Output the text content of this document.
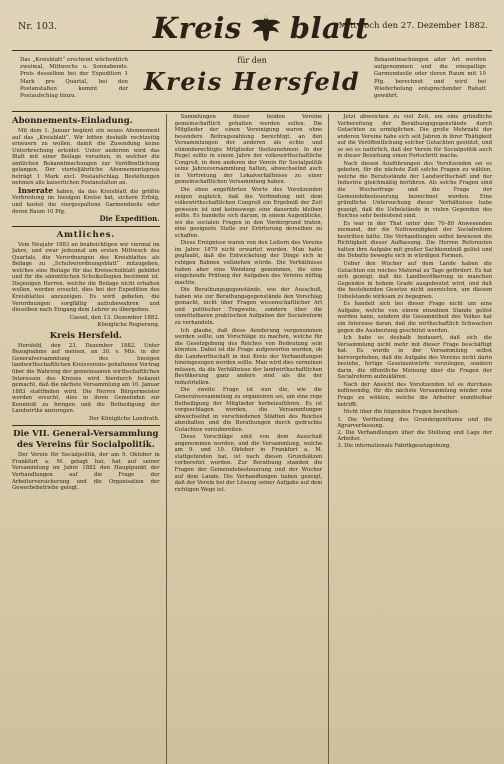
Nr. 103.	Kreis blatt
Mittwoch den 27. Dezember 1882.
Das „Kreisblatt“ erscheint wöchentlich zweimal, Mittwochs u. Sonnabends. Preis desselben bei der Expedition 1 Mark pro Quartal, bei den Postanstalten kommt der Postaufschlag hinzu.
für den
Kreis Hersfeld
Bekanntmachungen aller Art werden aufgenommen und die einspaltige Garmondzeile oder deren Raum mit 10 Pfg. berechnet und wird bei Wiederholung entsprechender Rabatt gewährt.
Abonnements-Einladung.

Mit dem 1. Januar beginnt ein neues Abonnement auf das „Kreisblatt“. Wir bitten deshalb rechtzeitig erneuern zu wollen, damit die Zusendung keine Unterbrechung erleidet. Unter anderem wird das Blatt mit einer Beilage versehen, in welcher die amtlichen Bekanntmachungen zur Veröffentlichung gelangen. Der vierteljährliche Abonnementspreis beträgt 1 Mark excl. Postaufschlag. Bestellungen nehmen alle kaiserlichen Postanstalten an.

Inserate haben, da das Kreisblatt die größte Verbreitung im hiesigen Kreise hat, sichern Erfolg, und kostet die viergespaltene Garmondzeile oder deren Raum 10 Pfg.

Die Expedition.
Amtliches.

Vom Neujahr 1883 an beabsichtigen wir viermal im Jahre, und zwar jedesmal am ersten Mittwoch des Quartals, die Verordnungen des Kreisblattes als Beilage zu „Schulverordnungsblatt“ mitzugeben, welches eine Beilage für das Kreisschulblatt gebildet und für die sämmtlichen Schulkollegien bestimmt ist. Diejenigen Herren, welche die Beilage nicht erhalten wollen, werden ersucht, dies bei der Expedition des Kreisblattes anzuzeigen. Es wird gebeten, die Verordnungen sorgfältig aufzubewahren und dieselben nach Eingang dem Lehrer zu übergeben.

Cassel, den 13. Dezember 1882.
Königliche Regierung.
Kreis Hersfeld.

Hersfeld, den 23. Dezember 1882. Unter Bezugnahme auf meinen, an 30. v. Mts. in der Generalversammlung des hiesigen landwirthschaftlichen Kreisvereins gehaltenen Vortrag über die Wahrung der gemeinsamen wirthschaftlichen Interessen des Kreises wird hierdurch bekannt gemacht, daß die nächste Versammlung am 10. Januar 1883 stattfinden wird. Die Herren Bürgermeister werden ersucht, dies in ihren Gemeinden zur Kenntniß zu bringen und die Betheiligung der Landwirthe anzuregen.

Der Königliche Landrath.
Die VII. General-Versammlung des Vereins für Socialpolitik.

Der Verein für Socialpolitik, der am 9. Oktober in Frankfurt a. M. getagt hat, hat auf seiner Versammlung im Jahre 1882 den Hauptpunkt der Verhandlungen auf die Frage der Arbeiterversicherung und die Organisation der Gewerbebetriebe gelegt.

Sammlungen dieser beiden Vereine gemeinschaftlich gehalten werden sollen. Die Mitglieder der einen Vereinigung waren ohne besondere Beitragszahlung berechtigt, an den Versammlungen der anderen als echte und stimmberechtigte Mitglieder theilzunehmen. In der Regel sollte in einem Jahre der volkswirthschaftliche Congreß, in dem anderen der Verein für Socialpolitik seine Jahresversammlung halten, abwechselnd auch in Vertretung der Lokalverhältnisse zu einer gemeinschaftlichen Versammlung haben.

Die eben angeführten Worte des Vorsitzenden zeigen zugleich, daß die Verbindung mit dem volkswirthschaftlichen Congreß ein Ergebniß der Zeit gewesen ist und keineswegs eine dauernde bleiben sollte. Es handelte sich darum, in einem Augenblicke, wo die socialen Fragen in den Vordergrund traten, eine geeignete Stelle zur Erörterung derselben zu schaffen.

Diese Ereignisse waren von den Leitern des Vereins im Jahre 1879 nicht erwartet worden. Man hatte geglaubt, daß die Entwickelung der Dinge sich in ruhigen Bahnen vollziehen würde. Die Verhältnisse haben aber eine Wendung genommen, die eine eingehende Prüfung der Aufgaben des Vereins nöthig machte.

Die Berathungsgegenstände, wie der Ausschuß, haben wie zur Berathungsgegenstände den Vorschlag gemacht, nicht über Fragen wissenschaftlicher Art und politischer Tragweite, sondern über die unmittelbaren praktischen Aufgaben der Socialreform zu verhandeln.

Ich glaube, daß diese Aenderung vorgenommen werden sollte, um Vorschläge zu machen, welche für die Gesetzgebung des Reiches von Bedeutung sein könnten. Dabei ist die Frage aufgeworfen worden, ob die Landwirthschaft in den Kreis der Verhandlungen hineingezogen werden sollte. Man wird dies verneinen müssen, da die Verhältnisse der landwirthschaftlichen Bevölkerung ganz andere sind als die der industriellen.

Die zweite Frage ist nun die, wie die Generalversammlung zu organisiren sei, um eine rege Betheiligung der Mitglieder herbeizuführen. Es ist vorgeschlagen worden, die Versammlungen abwechselnd in verschiedenen Städten des Reiches abzuhalten und die Berathungen durch gedruckte Gutachten vorzubereiten.

Diese Vorschläge sind von dem Ausschuß angenommen worden, und die Versammlung, welche am 9. und 10. Oktober in Frankfurt a. M. stattgefunden hat, ist nach diesen Grundsätzen vorbereitet worden. Zur Berathung standen die Fragen der Gemeindebesteuerung und der Wucher auf dem Lande. Die Verhandlungen haben gezeigt, daß der Verein bei der Lösung seiner Aufgabe auf dem richtigen Wege ist.

Jetzt abweichen zu viel Zeit, um eine gründliche Vorbereitung der Berathungsgegenstände durch Gutachten zu ermöglichen. Die große Mehrzahl der anderen Vereine habe sich seit Jahren in ihrer Thätigkeit auf die Veröffentlichung solcher Gutachten gestützt, und so sei es natürlich, daß der Verein für Socialpolitik auch in dieser Beziehung einen Fortschritt mache.

Nach diesen Ausführungen des Vorsitzenden sei es geboten, für die nächste Zeit solche Fragen zu wählen, welche die Berufsstände der Landwirthschaft und der Industrie gleichmäßig berühren. Als solche Fragen sind die Wucherfrage und die Frage der Gemeindebesteuerung bezeichnet worden. Eine gründliche Untersuchung dieser Verhältnisse habe gezeigt, daß die Uebelstände in vielen Gegenden des Reiches sehr bedeutend sind.

Es war in der That unter den 70–80 Anwesenden niemand, der die Nothwendigkeit der Socialreform bestritten hätte. Die Verhandlungen selbst bewiesen die Richtigkeit dieser Auffassung. Die Herren Referenten hatten ihre Aufgabe mit großer Sachkenntniß gelöst und die Debatte bewegte sich in würdigen Formen.

Ueber den Wucher auf dem Lande haben die Gutachten ein reiches Material zu Tage gefördert. Es hat sich gezeigt, daß die Landbevölkerung in manchen Gegenden in hohem Grade ausgebeutet wird, und daß die bestehenden Gesetze nicht ausreichen, um diesem Uebelstande wirksam zu begegnen.

Es handelt sich bei dieser Frage nicht um eine Aufgabe, welche von einem einzelnen Stande gelöst werden kann, sondern die Gesammtheit des Volkes hat ein Interesse daran, daß die wirthschaftlich Schwachen gegen die Ausbeutung geschützt werden.

Ich habe es deshalb bedauert, daß sich die Versammlung nicht mehr mit dieser Frage beschäftigt hat. Es wurde in der Versammlung selbst hervorgehoben, daß die Aufgabe des Vereins nicht darin bestehe, fertige Gesetzentwürfe vorzulegen, sondern darin, die öffentliche Meinung über die Fragen der Socialreform aufzuklären.

Nach der Ansicht des Vorsitzenden ist es durchaus nothwendig, für die nächste Versammlung wieder eine Frage zu wählen, welche die Arbeiter unmittelbar betrifft.

Nicht über die folgenden Fragen berathen:

1. Die Vertheilung des Grundeigenthums und die Agrarverfassung.
2. Die Verhandlungen über die Stellung und Lage der Arbeiter.
3. Die internationale Fabrikgesetzgebung.
